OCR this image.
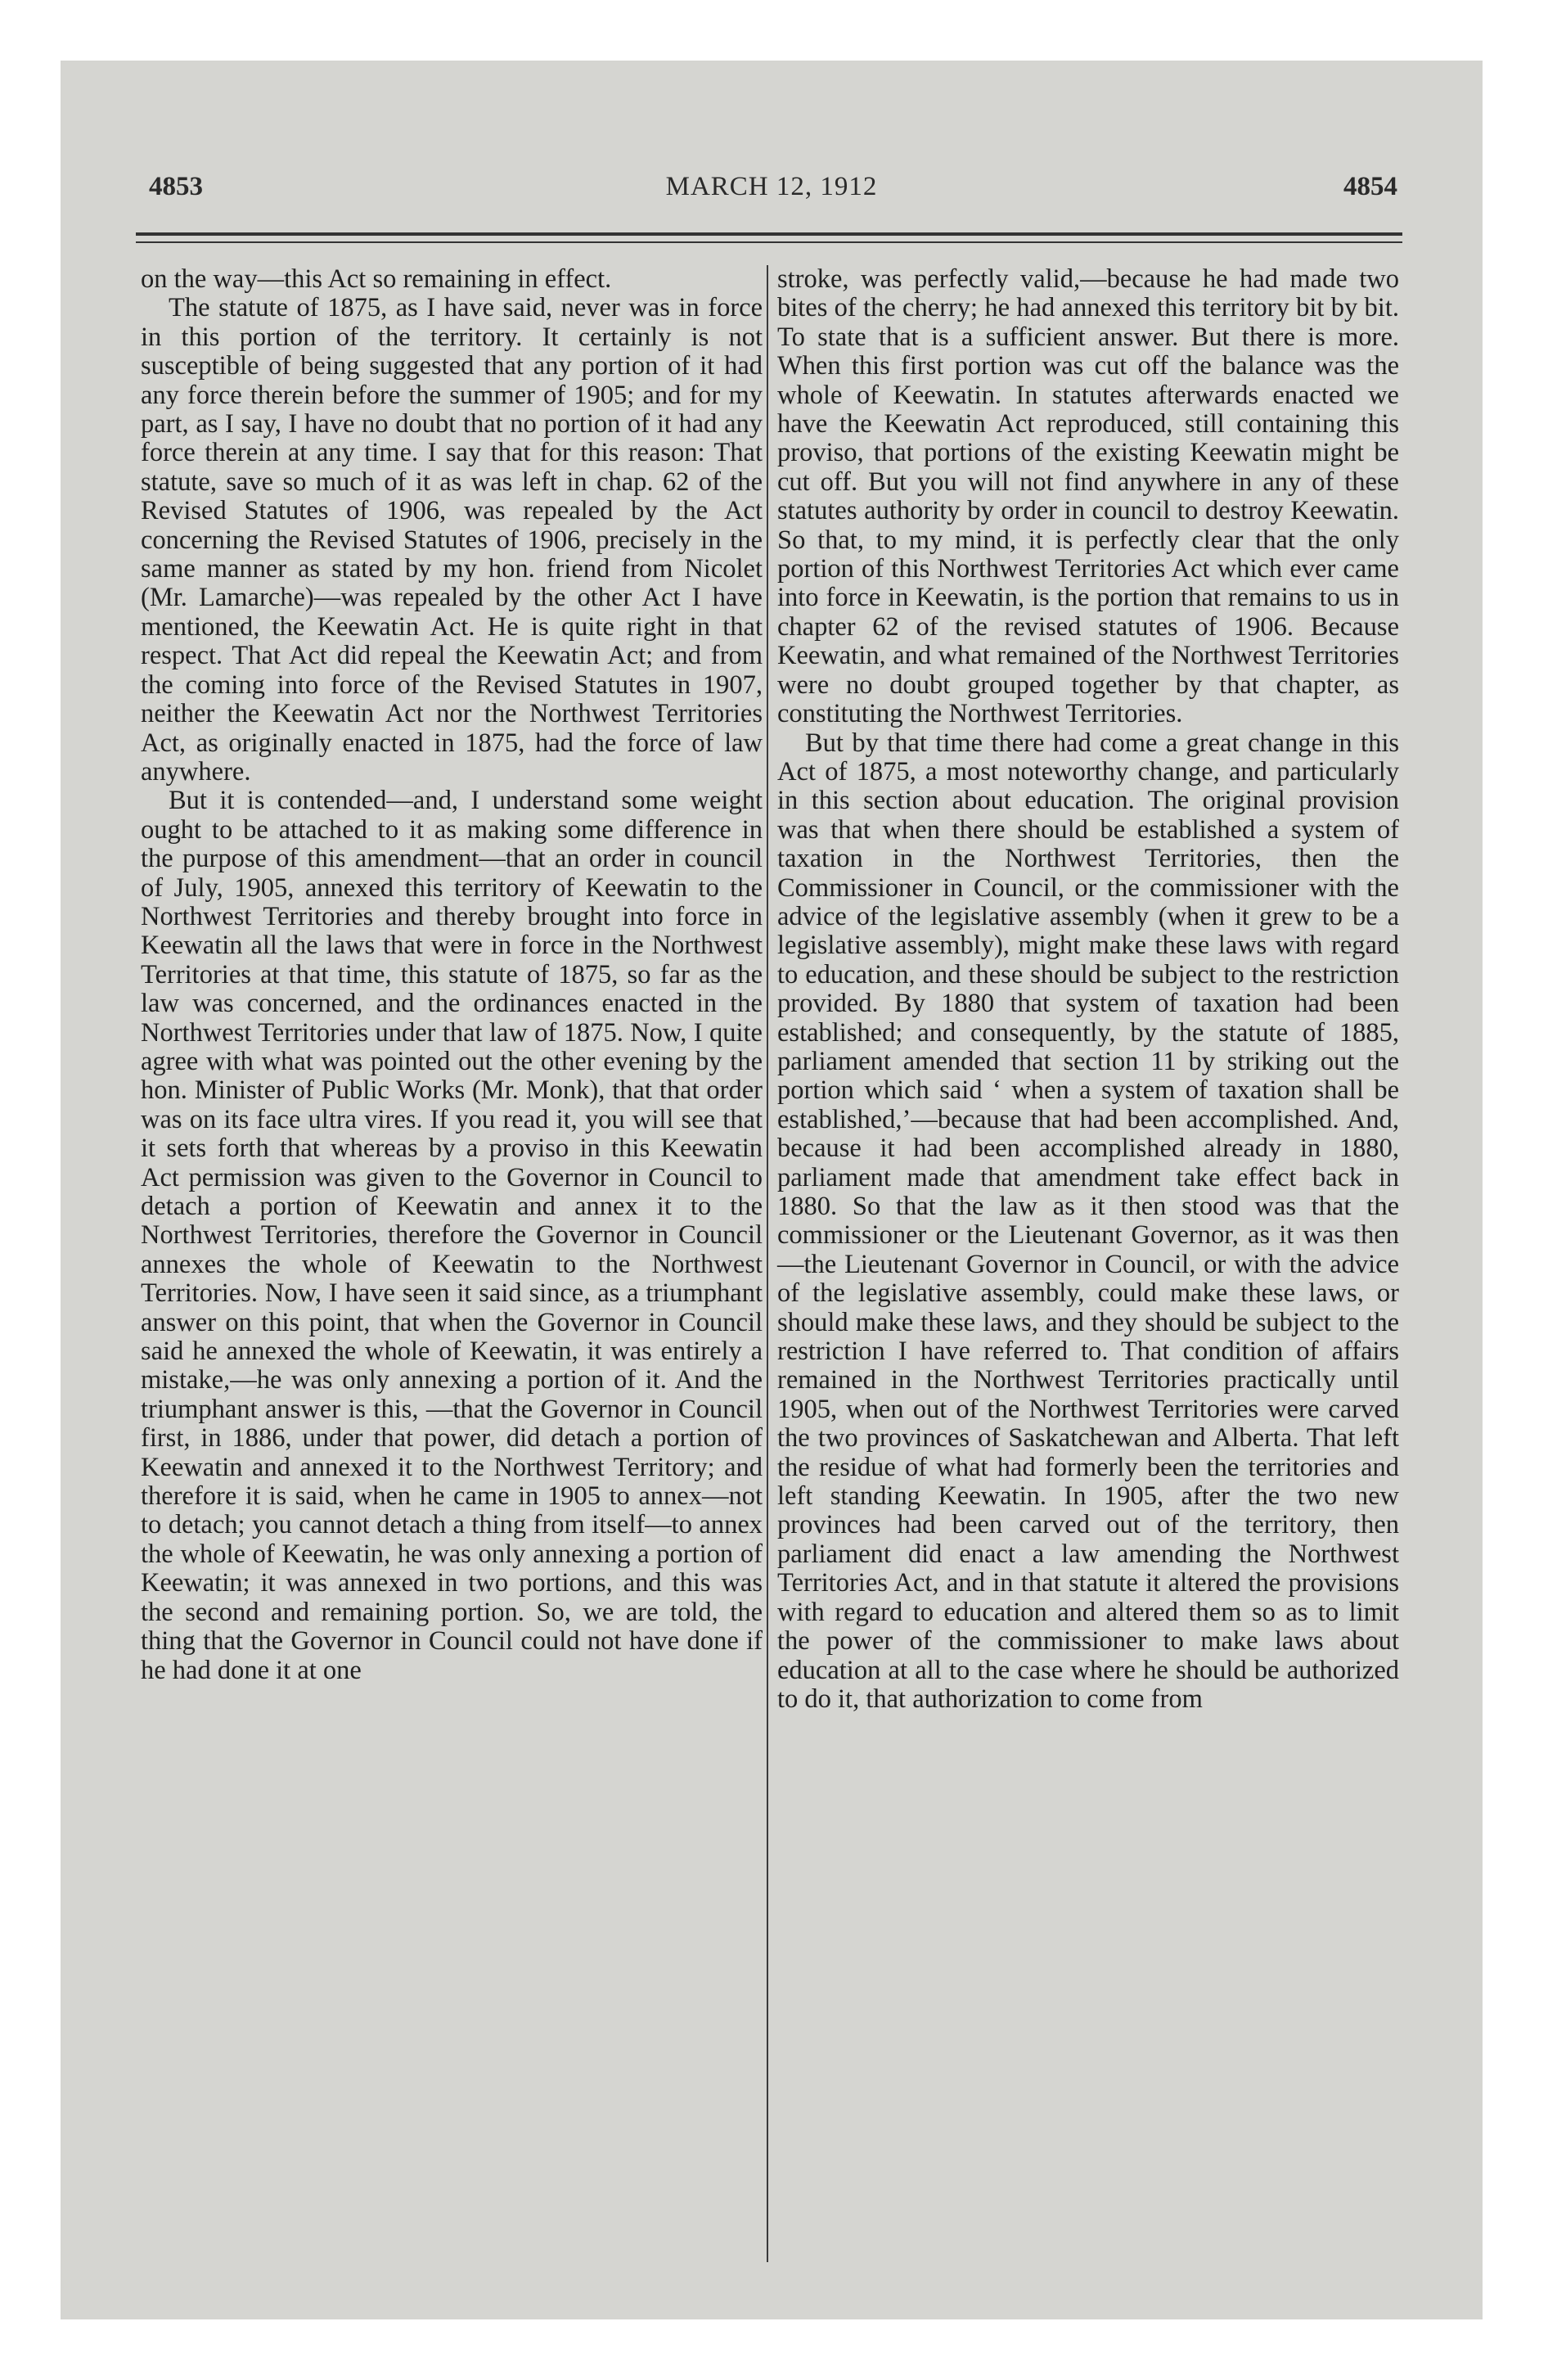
4853	MARCH 12, 1912	4854

on the way—this Act so remaining in effect.

The statute of 1875, as I have said, never was in force in this portion of the territory. It certainly is not susceptible of being suggested that any portion of it had any force therein before the summer of 1905; and for my part, as I say, I have no doubt that no portion of it had any force therein at any time. I say that for this reason: That statute, save so much of it as was left in chap. 62 of the Revised Statutes of 1906, was repealed by the Act concerning the Revised Statutes of 1906, precisely in the same manner as stated by my hon. friend from Nicolet (Mr. Lamarche)—was repealed by the other Act I have mentioned, the Keewatin Act. He is quite right in that respect. That Act did repeal the Keewatin Act; and from the coming into force of the Revised Statutes in 1907, neither the Keewatin Act nor the Northwest Territories Act, as originally enacted in 1875, had the force of law anywhere.

But it is contended—and, I understand some weight ought to be attached to it as making some difference in the purpose of this amendment—that an order in council of July, 1905, annexed this territory of Keewatin to the Northwest Territories and thereby brought into force in Keewatin all the laws that were in force in the Northwest Territories at that time, this statute of 1875, so far as the law was concerned, and the ordinances enacted in the Northwest Territories under that law of 1875. Now, I quite agree with what was pointed out the other evening by the hon. Minister of Public Works (Mr. Monk), that that order was on its face ultra vires. If you read it, you will see that it sets forth that whereas by a proviso in this Keewatin Act permission was given to the Governor in Council to detach a portion of Keewatin and annex it to the Northwest Territories, therefore the Governor in Council annexes the whole of Keewatin to the Northwest Territories. Now, I have seen it said since, as a triumphant answer on this point, that when the Governor in Council said he annexed the whole of Keewatin, it was entirely a mistake,—he was only annexing a portion of it. And the triumphant answer is this, —that the Governor in Council first, in 1886, under that power, did detach a portion of Keewatin and annexed it to the Northwest Territory; and therefore it is said, when he came in 1905 to annex—not to detach; you cannot detach a thing from itself—to annex the whole of Keewatin, he was only annexing a portion of Keewatin; it was annexed in two portions, and this was the second and remaining portion. So, we are told, the thing that the Governor in Council could not have done if he had done it at one

stroke, was perfectly valid,—because he had made two bites of the cherry; he had annexed this territory bit by bit. To state that is a sufficient answer. But there is more. When this first portion was cut off the balance was the whole of Keewatin. In statutes afterwards enacted we have the Keewatin Act reproduced, still containing this proviso, that portions of the existing Keewatin might be cut off. But you will not find anywhere in any of these statutes authority by order in council to destroy Keewatin. So that, to my mind, it is perfectly clear that the only portion of this Northwest Territories Act which ever came into force in Keewatin, is the portion that remains to us in chapter 62 of the revised statutes of 1906. Because Keewatin, and what remained of the Northwest Territories were no doubt grouped together by that chapter, as constituting the Northwest Territories.

But by that time there had come a great change in this Act of 1875, a most noteworthy change, and particularly in this section about education. The original provision was that when there should be established a system of taxation in the Northwest Territories, then the Commissioner in Council, or the commissioner with the advice of the legislative assembly (when it grew to be a legislative assembly), might make these laws with regard to education, and these should be subject to the restriction provided. By 1880 that system of taxation had been established; and consequently, by the statute of 1885, parliament amended that section 11 by striking out the portion which said ‘ when a system of taxation shall be established,’—because that had been accomplished. And, because it had been accomplished already in 1880, parliament made that amendment take effect back in 1880. So that the law as it then stood was that the commissioner or the Lieutenant Governor, as it was then—the Lieutenant Governor in Council, or with the advice of the legislative assembly, could make these laws, or should make these laws, and they should be subject to the restriction I have referred to. That condition of affairs remained in the Northwest Territories practically until 1905, when out of the Northwest Territories were carved the two provinces of Saskatchewan and Alberta. That left the residue of what had formerly been the territories and left standing Keewatin. In 1905, after the two new provinces had been carved out of the territory, then parliament did enact a law amending the Northwest Territories Act, and in that statute it altered the provisions with regard to education and altered them so as to limit the power of the commissioner to make laws about education at all to the case where he should be authorized to do it, that authorization to come from
